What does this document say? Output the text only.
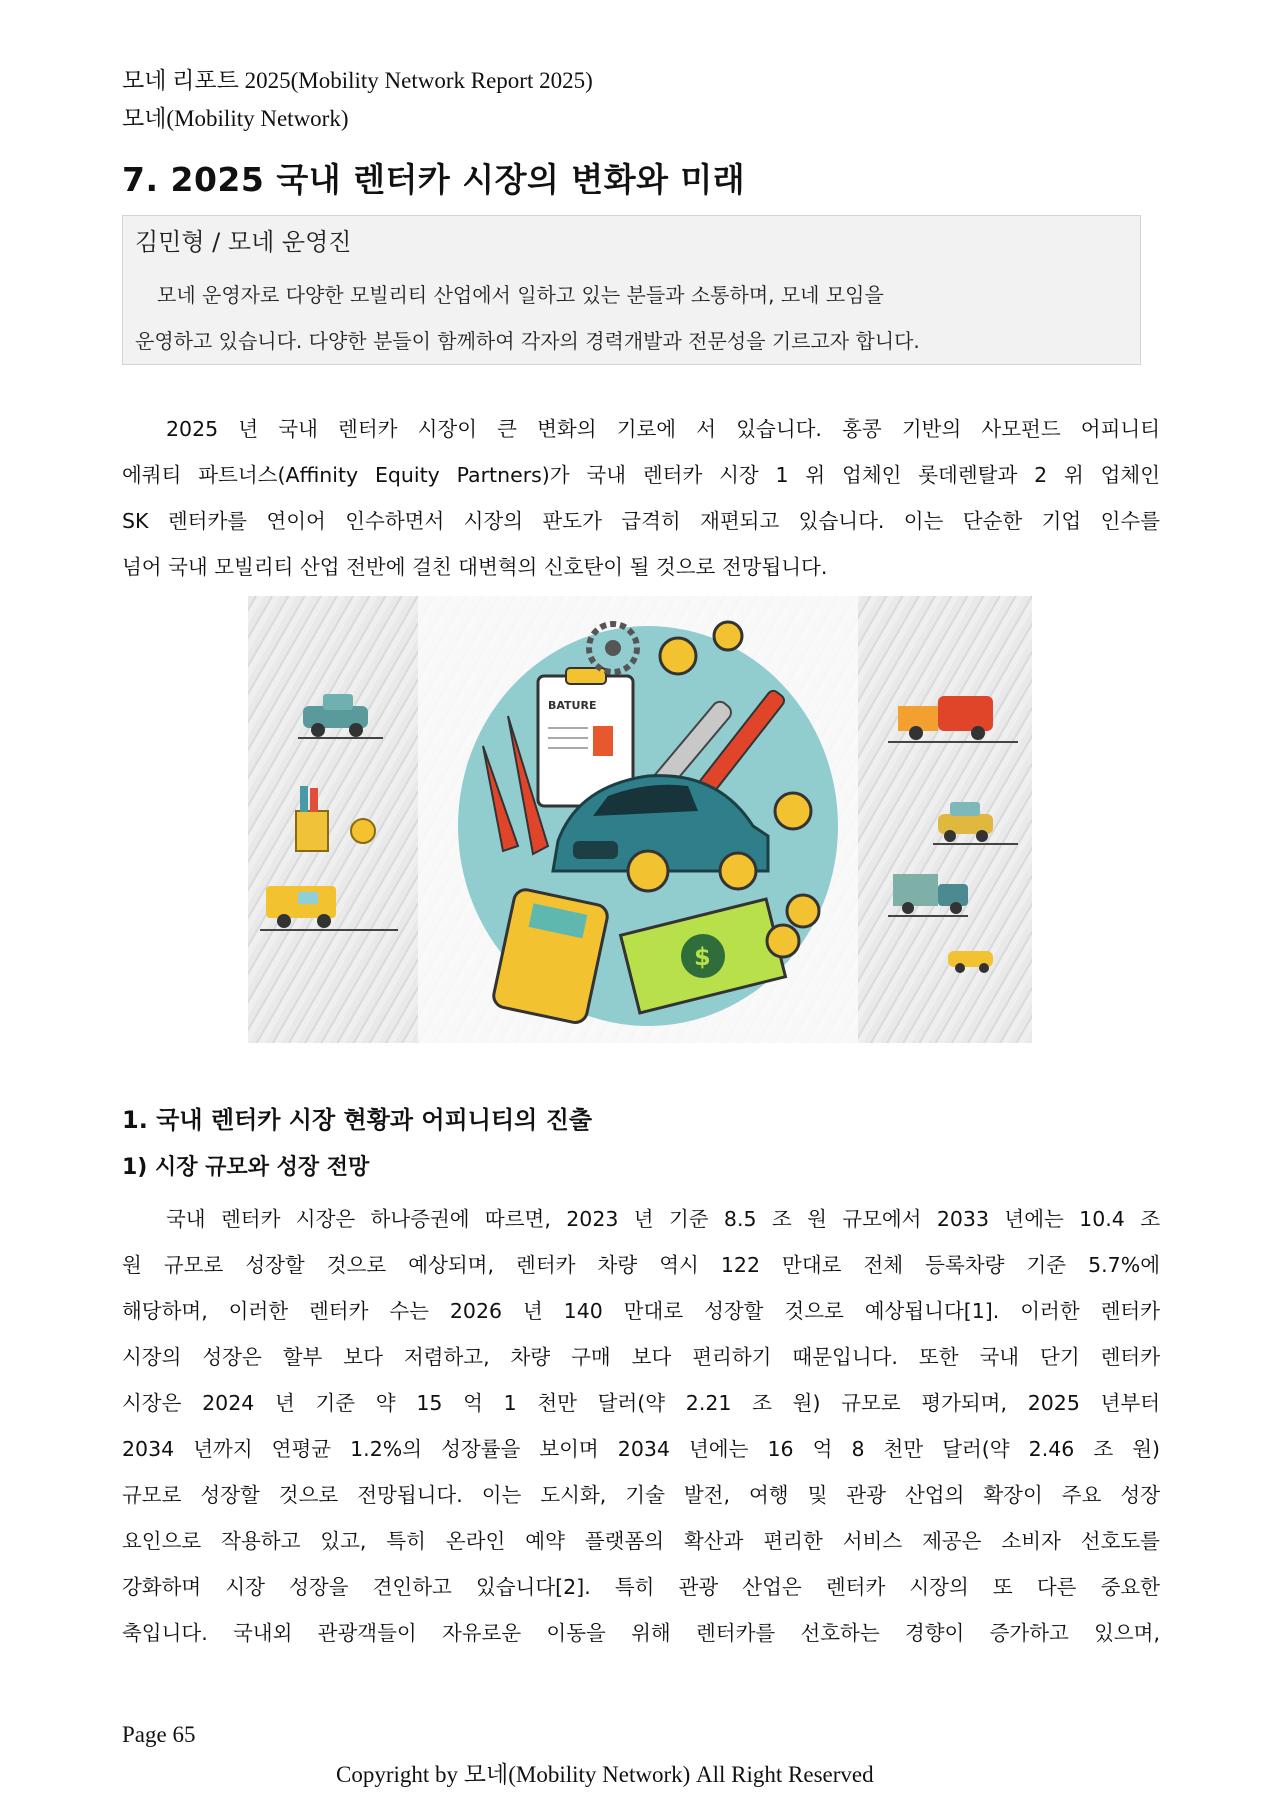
모네 리포트 2025(Mobility Network Report 2025)
모네(Mobility Network)
7. 2025 국내 렌터카 시장의 변화와 미래
김민형 / 모네 운영진
모네 운영자로 다양한 모빌리티 산업에서 일하고 있는 분들과 소통하며, 모네 모임을
운영하고 있습니다. 다양한 분들이 함께하여 각자의 경력개발과 전문성을 기르고자 합니다.
2025 년 국내 렌터카 시장이 큰 변화의 기로에 서 있습니다. 홍콩 기반의 사모펀드 어피니티
에쿼티 파트너스(Affinity Equity Partners)가 국내 렌터카 시장 1 위 업체인 롯데렌탈과 2 위 업체인
SK 렌터카를 연이어 인수하면서 시장의 판도가 급격히 재편되고 있습니다. 이는 단순한 기업 인수를
넘어 국내 모빌리티 산업 전반에 걸친 대변혁의 신호탄이 될 것으로 전망됩니다.
BATURE
$
1. 국내 렌터카 시장 현황과 어피니티의 진출
1) 시장 규모와 성장 전망
국내 렌터카 시장은 하나증권에 따르면, 2023 년 기준 8.5 조 원 규모에서 2033 년에는 10.4 조
원 규모로 성장할 것으로 예상되며, 렌터카 차량 역시 122 만대로 전체 등록차량 기준 5.7%에
해당하며, 이러한 렌터카 수는 2026 년 140 만대로 성장할 것으로 예상됩니다[1]. 이러한 렌터카
시장의 성장은 할부 보다 저렴하고, 차량 구매 보다 편리하기 때문입니다. 또한 국내 단기 렌터카
시장은 2024 년 기준 약 15 억 1 천만 달러(약 2.21 조 원) 규모로 평가되며, 2025 년부터
2034 년까지 연평균 1.2%의 성장률을 보이며 2034 년에는 16 억 8 천만 달러(약 2.46 조 원)
규모로 성장할 것으로 전망됩니다. 이는 도시화, 기술 발전, 여행 및 관광 산업의 확장이 주요 성장
요인으로 작용하고 있고, 특히 온라인 예약 플랫폼의 확산과 편리한 서비스 제공은 소비자 선호도를
강화하며 시장 성장을 견인하고 있습니다[2]. 특히 관광 산업은 렌터카 시장의 또 다른 중요한
축입니다. 국내외 관광객들이 자유로운 이동을 위해 렌터카를 선호하는 경향이 증가하고 있으며,
Page 65
Copyright by 모네(Mobility Network) All Right Reserved
